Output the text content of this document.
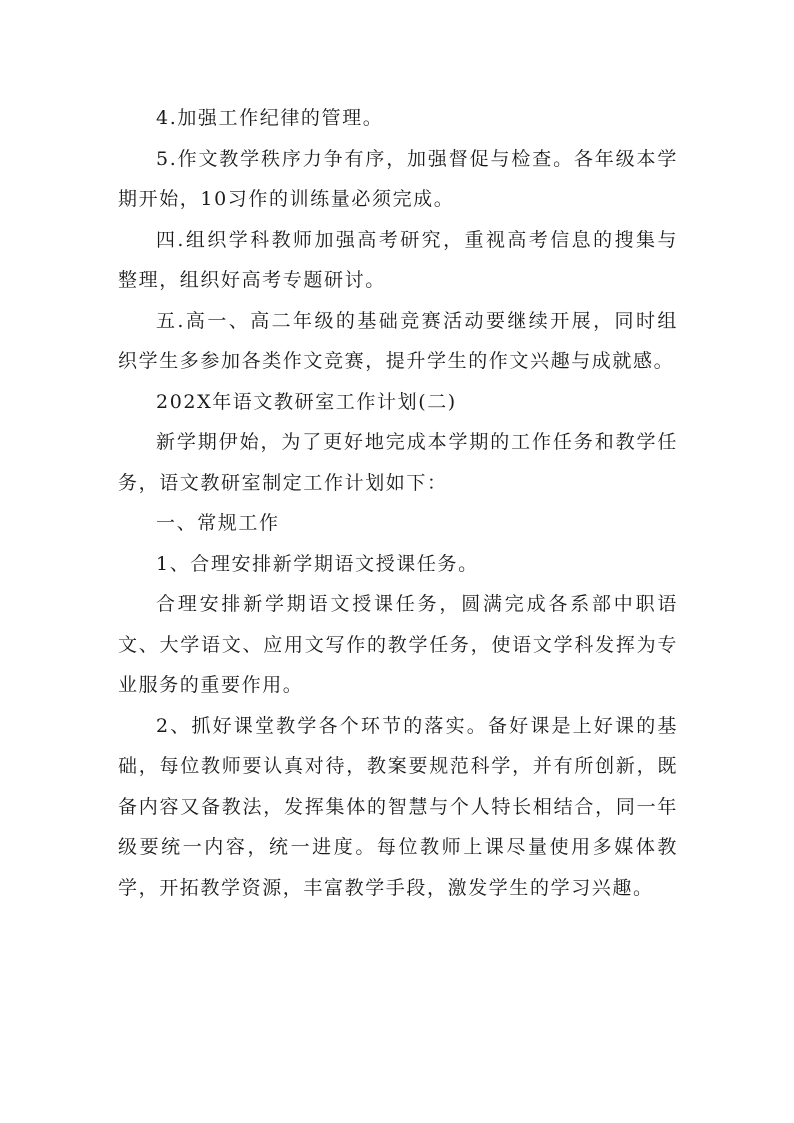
4.加强工作纪律的管理。

5.作文教学秩序力争有序，加强督促与检查。各年级本学期开始，10习作的训练量必须完成。

四.组织学科教师加强高考研究，重视高考信息的搜集与整理，组织好高考专题研讨。

五.高一、高二年级的基础竞赛活动要继续开展，同时组织学生多参加各类作文竞赛，提升学生的作文兴趣与成就感。

202X年语文教研室工作计划(二)

新学期伊始，为了更好地完成本学期的工作任务和教学任务，语文教研室制定工作计划如下：

一、常规工作

1、合理安排新学期语文授课任务。

合理安排新学期语文授课任务，圆满完成各系部中职语文、大学语文、应用文写作的教学任务，使语文学科发挥为专业服务的重要作用。

2、抓好课堂教学各个环节的落实。备好课是上好课的基础，每位教师要认真对待，教案要规范科学，并有所创新，既备内容又备教法，发挥集体的智慧与个人特长相结合，同一年级要统一内容，统一进度。每位教师上课尽量使用多媒体教学，开拓教学资源，丰富教学手段，激发学生的学习兴趣。
